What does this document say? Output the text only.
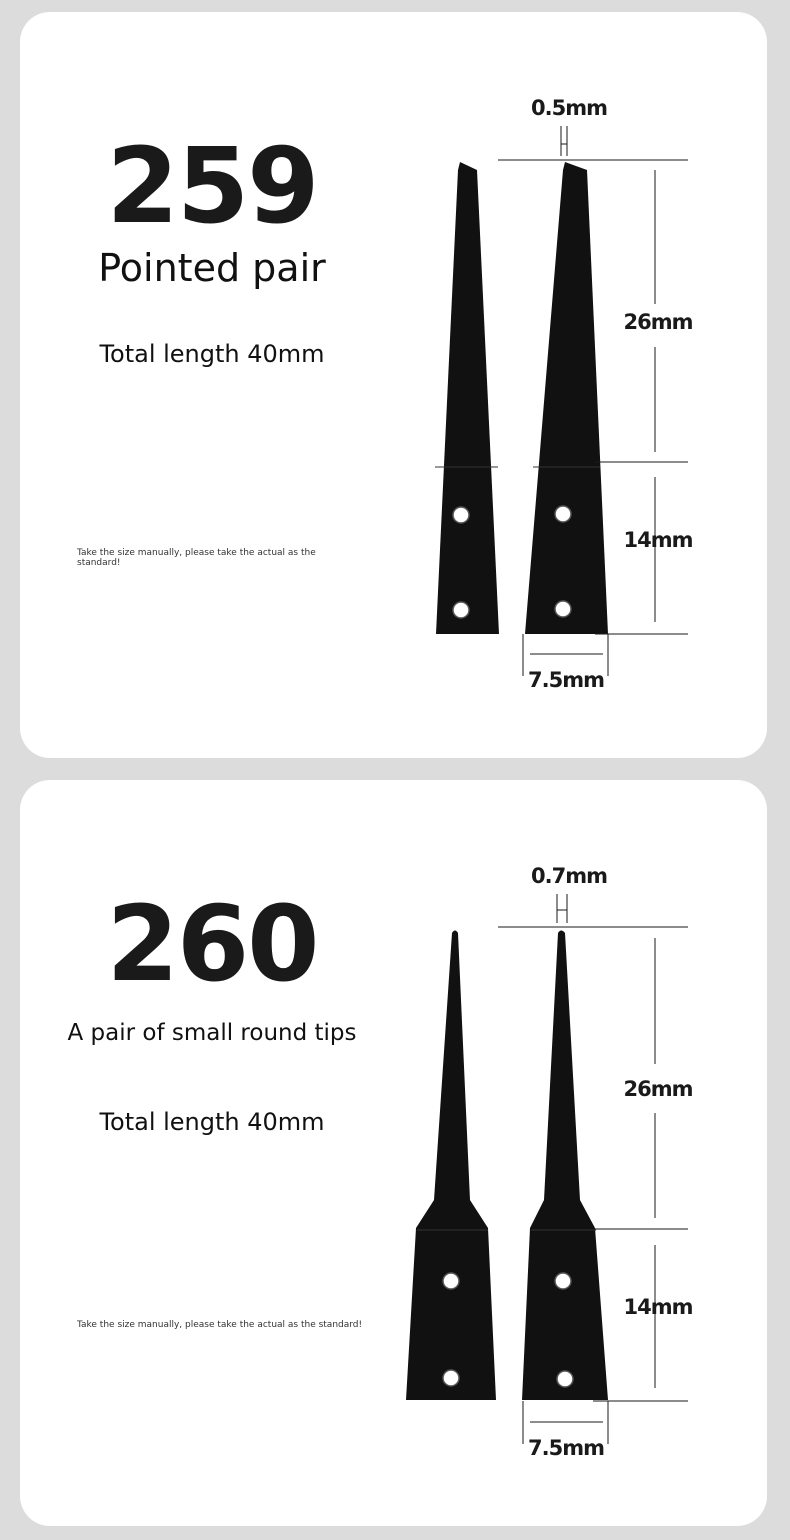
259
Pointed pair
Total length 40mm
Take the size manually, please take the actual as the standard!
0.5mm
26mm
14mm
7.5mm
260
A pair of small round tips
Total length 40mm
Take the size manually, please take the actual as the standard!
0.7mm
26mm
14mm
7.5mm
